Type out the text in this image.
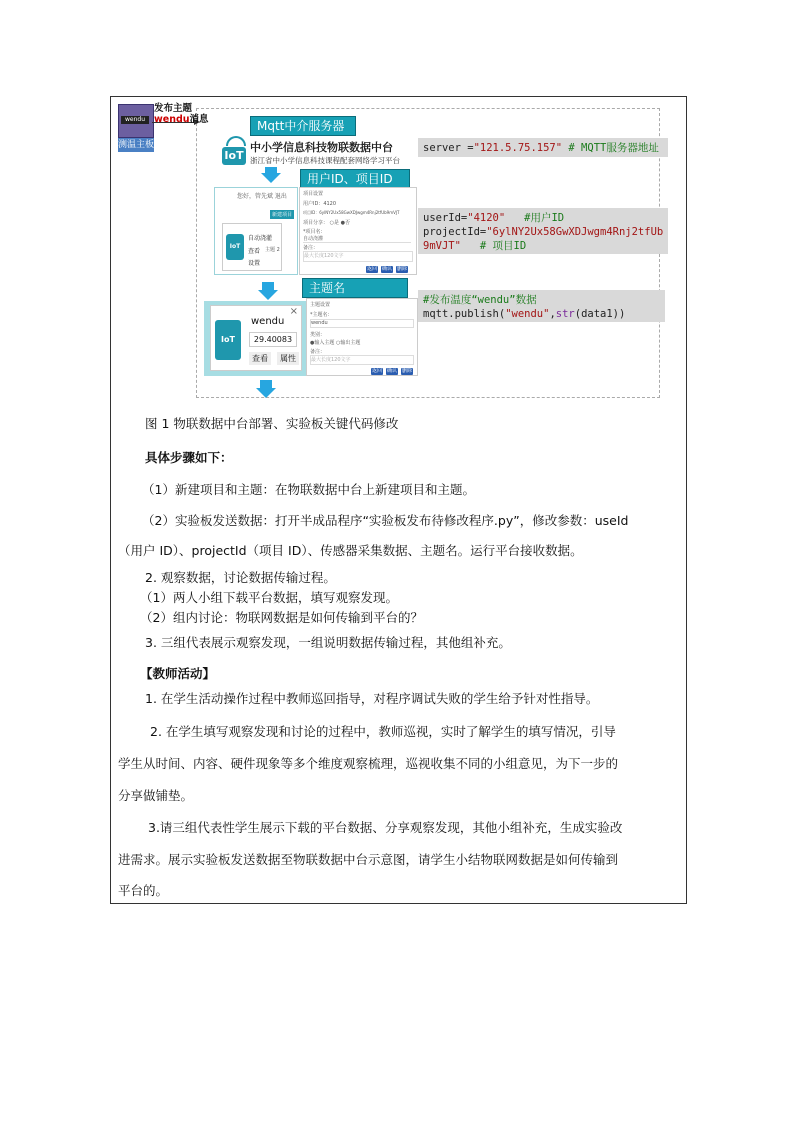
wendu
测温主板
发布主题
wendu消息	Mqtt中介服务器
IoT
中小学信息科技物联数据中台
浙江省中小学信息科技课程配套网络学习平台
server ="121.5.75.157" # MQTT服务器地址
用户ID、项目ID
您好，管先斌 退出
新建项目
IoT
自动浇灌
查看 主题 2
设置
项目设置
用户ID：4120
项目ID：6ylNY2Ux58GwXDJwgm4Rnj2tfUb9mVJT
项目分享： ○是 ●否
*项目名：
自动浇灌
备注：
最大长度120文字
返回 确认 删除
userId="4120"   #用户ID
projectId="6ylNY2Ux58GwXDJwgm4Rnj2tfUb
9mVJT"   # 项目ID
主题名
×
IoT
wendu
29.40083
查看	属性
主题设置
*主题名：
wendu
类别：
●输入主题 ○输出主题
备注：
最大长度120文字
返回 确认 删除
#发布温度“wendu”数据
mqtt.publish("wendu",str(data1))
图 1 物联数据中台部署、实验板关键代码修改
具体步骤如下：
（1）新建项目和主题：在物联数据中台上新建项目和主题。
（2）实验板发送数据：打开半成品程序“实验板发布待修改程序.py”，修改参数：useId
（用户 ID）、projectId（项目 ID）、传感器采集数据、主题名。运行平台接收数据。
2. 观察数据，讨论数据传输过程。
（1）两人小组下载平台数据，填写观察发现。
（2）组内讨论：物联网数据是如何传输到平台的？
3. 三组代表展示观察发现，一组说明数据传输过程，其他组补充。
【教师活动】
1. 在学生活动操作过程中教师巡回指导，对程序调试失败的学生给予针对性指导。
2. 在学生填写观察发现和讨论的过程中，教师巡视，实时了解学生的填写情况，引导
学生从时间、内容、硬件现象等多个维度观察梳理，巡视收集不同的小组意见，为下一步的
分享做铺垫。
3.请三组代表性学生展示下载的平台数据、分享观察发现，其他小组补充，生成实验改
进需求。展示实验板发送数据至物联数据中台示意图，请学生小结物联网数据是如何传输到
平台的。
